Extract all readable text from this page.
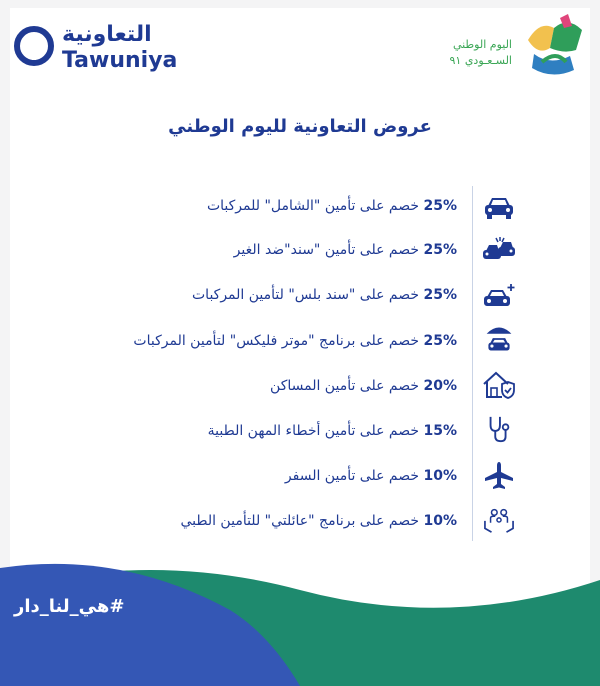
التعاونية
Tawuniya
اليوم الوطني
السـعـودي ٩١
عروض التعاونية لليوم الوطني
25% خصم على تأمين "الشامل" للمركبات
25% خصم على تأمين "سند"ضد الغير
25% خصم على "سند بلس" لتأمين المركبات
25% خصم على برنامج "موتر فليكس" لتأمين المركبات
20% خصم على تأمين المساكن
15% خصم على تأمين أخطاء المهن الطبية
10% خصم على تأمين السفر
10% خصم على برنامج "عائلتي" للتأمين الطبي
#هي_لنا_دار
